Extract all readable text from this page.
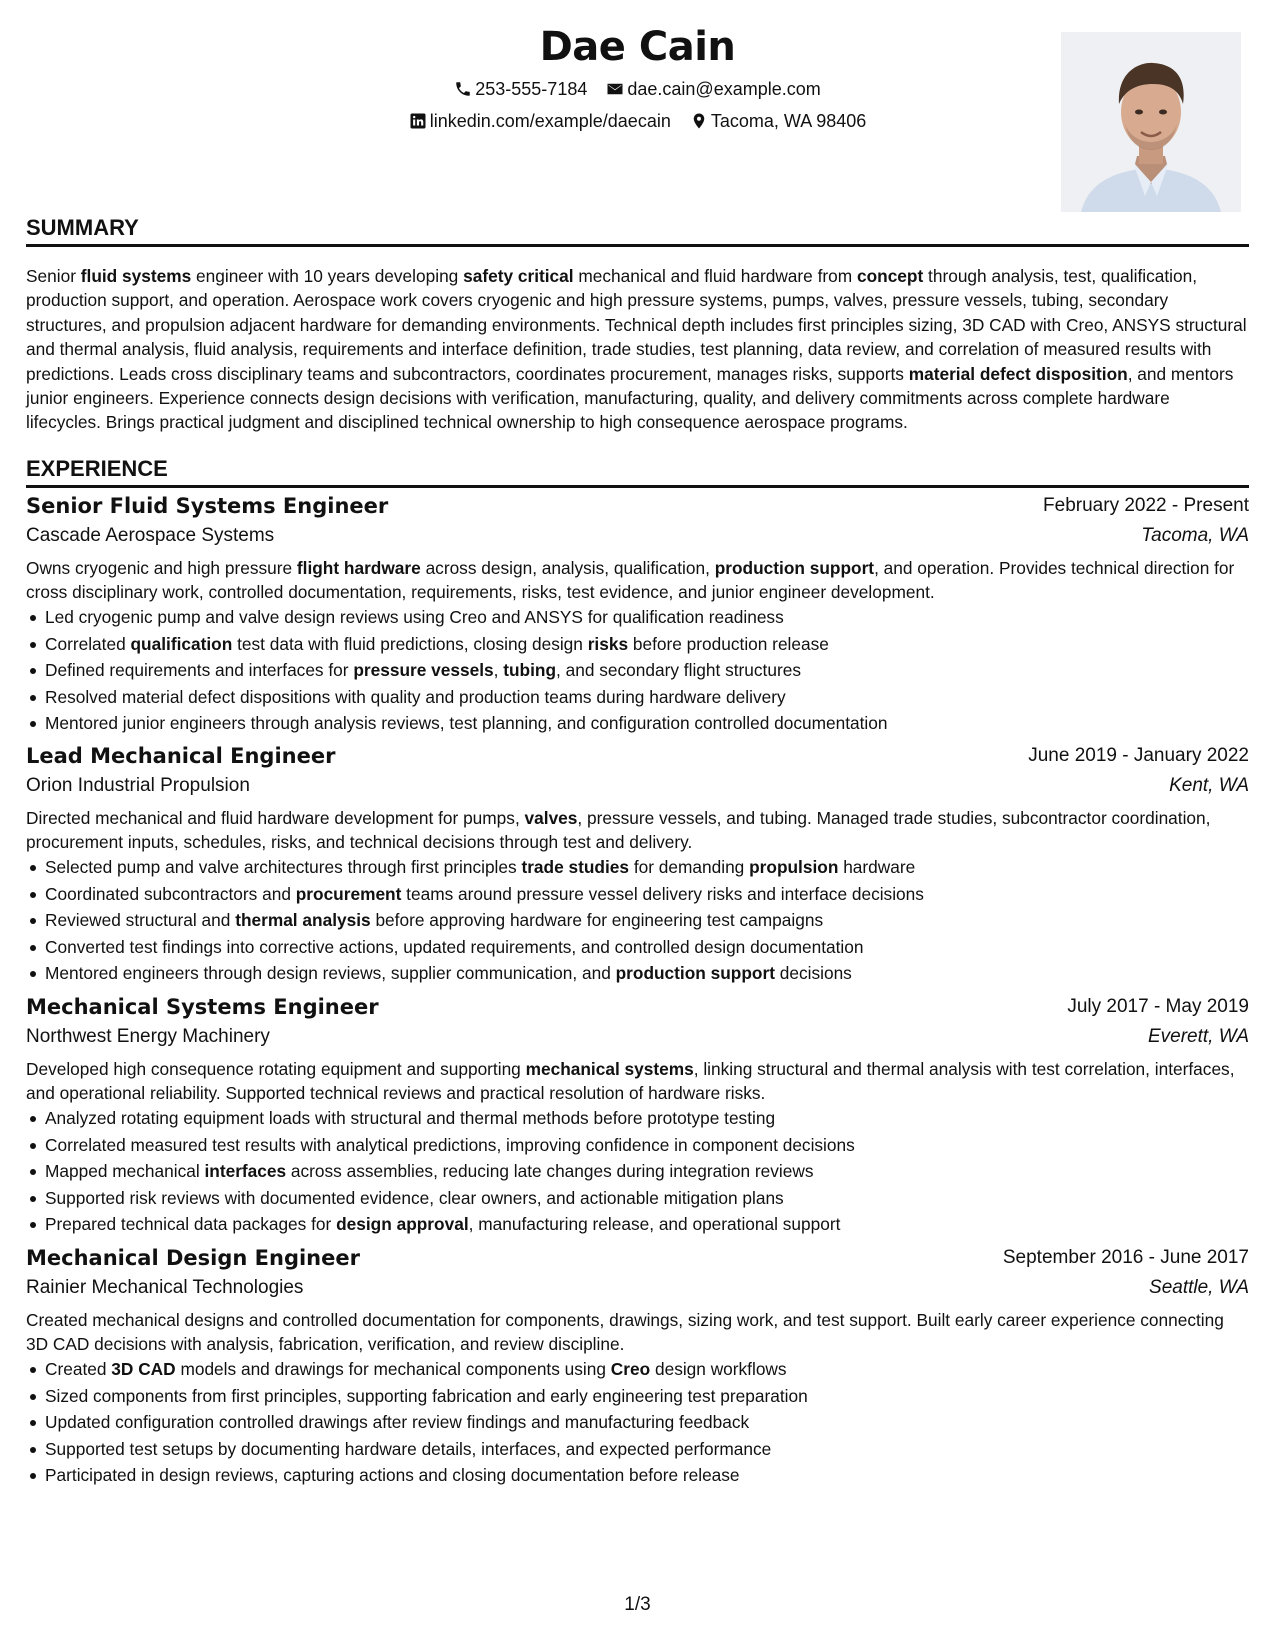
Dae Cain
253-555-7184 dae.cain@example.com
linkedin.com/example/daecain Tacoma, WA 98406
SUMMARY
Senior fluid systems engineer with 10 years developing safety critical mechanical and fluid hardware from concept through analysis, test, qualification, production support, and operation. Aerospace work covers cryogenic and high pressure systems, pumps, valves, pressure vessels, tubing, secondary structures, and propulsion adjacent hardware for demanding environments. Technical depth includes first principles sizing, 3D CAD with Creo, ANSYS structural and thermal analysis, fluid analysis, requirements and interface definition, trade studies, test planning, data review, and correlation of measured results with predictions. Leads cross disciplinary teams and subcontractors, coordinates procurement, manages risks, supports material defect disposition, and mentors junior engineers. Experience connects design decisions with verification, manufacturing, quality, and delivery commitments across complete hardware lifecycles. Brings practical judgment and disciplined technical ownership to high consequence aerospace programs.
EXPERIENCE
Senior Fluid Systems Engineer	February 2022 - Present
Cascade Aerospace Systems	Tacoma, WA
Owns cryogenic and high pressure flight hardware across design, analysis, qualification, production support, and operation. Provides technical direction for cross disciplinary work, controlled documentation, requirements, risks, test evidence, and junior engineer development.
Led cryogenic pump and valve design reviews using Creo and ANSYS for qualification readiness
Correlated qualification test data with fluid predictions, closing design risks before production release
Defined requirements and interfaces for pressure vessels, tubing, and secondary flight structures
Resolved material defect dispositions with quality and production teams during hardware delivery
Mentored junior engineers through analysis reviews, test planning, and configuration controlled documentation
Lead Mechanical Engineer	June 2019 - January 2022
Orion Industrial Propulsion	Kent, WA
Directed mechanical and fluid hardware development for pumps, valves, pressure vessels, and tubing. Managed trade studies, subcontractor coordination, procurement inputs, schedules, risks, and technical decisions through test and delivery.
Selected pump and valve architectures through first principles trade studies for demanding propulsion hardware
Coordinated subcontractors and procurement teams around pressure vessel delivery risks and interface decisions
Reviewed structural and thermal analysis before approving hardware for engineering test campaigns
Converted test findings into corrective actions, updated requirements, and controlled design documentation
Mentored engineers through design reviews, supplier communication, and production support decisions
Mechanical Systems Engineer	July 2017 - May 2019
Northwest Energy Machinery	Everett, WA
Developed high consequence rotating equipment and supporting mechanical systems, linking structural and thermal analysis with test correlation, interfaces, and operational reliability. Supported technical reviews and practical resolution of hardware risks.
Analyzed rotating equipment loads with structural and thermal methods before prototype testing
Correlated measured test results with analytical predictions, improving confidence in component decisions
Mapped mechanical interfaces across assemblies, reducing late changes during integration reviews
Supported risk reviews with documented evidence, clear owners, and actionable mitigation plans
Prepared technical data packages for design approval, manufacturing release, and operational support
Mechanical Design Engineer	September 2016 - June 2017
Rainier Mechanical Technologies	Seattle, WA
Created mechanical designs and controlled documentation for components, drawings, sizing work, and test support. Built early career experience connecting 3D CAD decisions with analysis, fabrication, verification, and review discipline.
Created 3D CAD models and drawings for mechanical components using Creo design workflows
Sized components from first principles, supporting fabrication and early engineering test preparation
Updated configuration controlled drawings after review findings and manufacturing feedback
Supported test setups by documenting hardware details, interfaces, and expected performance
Participated in design reviews, capturing actions and closing documentation before release
1/3
